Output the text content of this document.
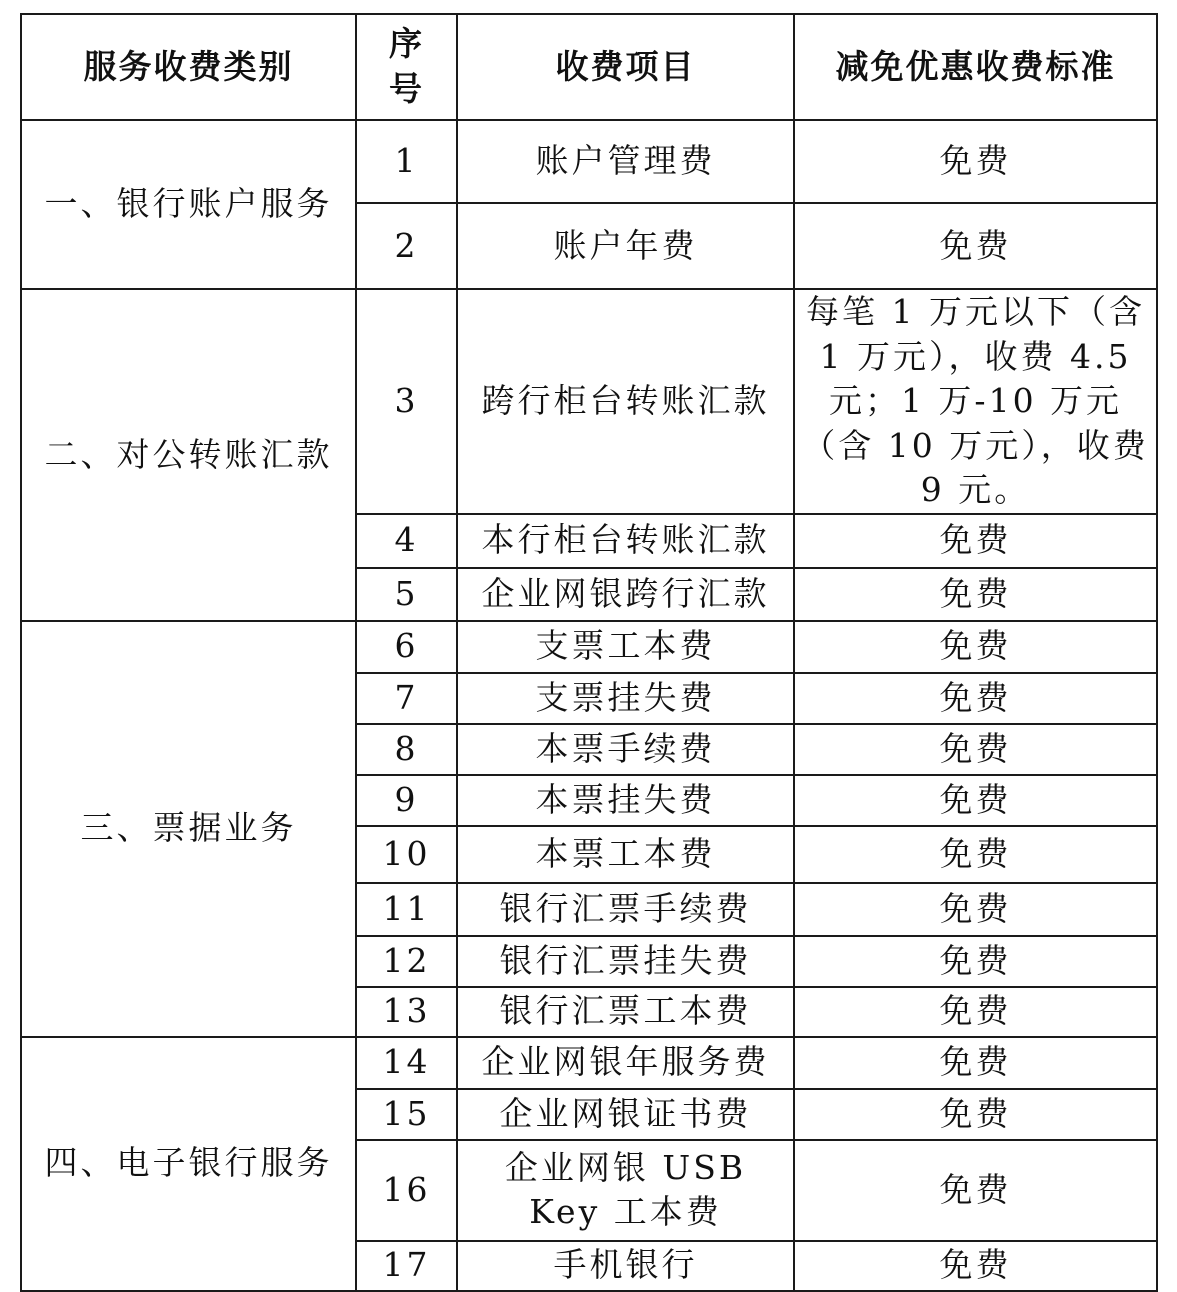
服务收费类别	序号	收费项目	减免优惠收费标准
一、银行账户服务	1	账户管理费	免费
	2	账户年费	免费
二、对公转账汇款	3	跨行柜台转账汇款	每笔 1 万元以下（含 1 万元），收费 4.5 元；1 万-10 万元（含 10 万元），收费 9 元。
	4	本行柜台转账汇款	免费
	5	企业网银跨行汇款	免费
三、票据业务	6	支票工本费	免费
	7	支票挂失费	免费
	8	本票手续费	免费
	9	本票挂失费	免费
	10	本票工本费	免费
	11	银行汇票手续费	免费
	12	银行汇票挂失费	免费
	13	银行汇票工本费	免费
四、电子银行服务	14	企业网银年服务费	免费
	15	企业网银证书费	免费
	16	企业网银 USB Key 工本费	免费
	17	手机银行	免费
